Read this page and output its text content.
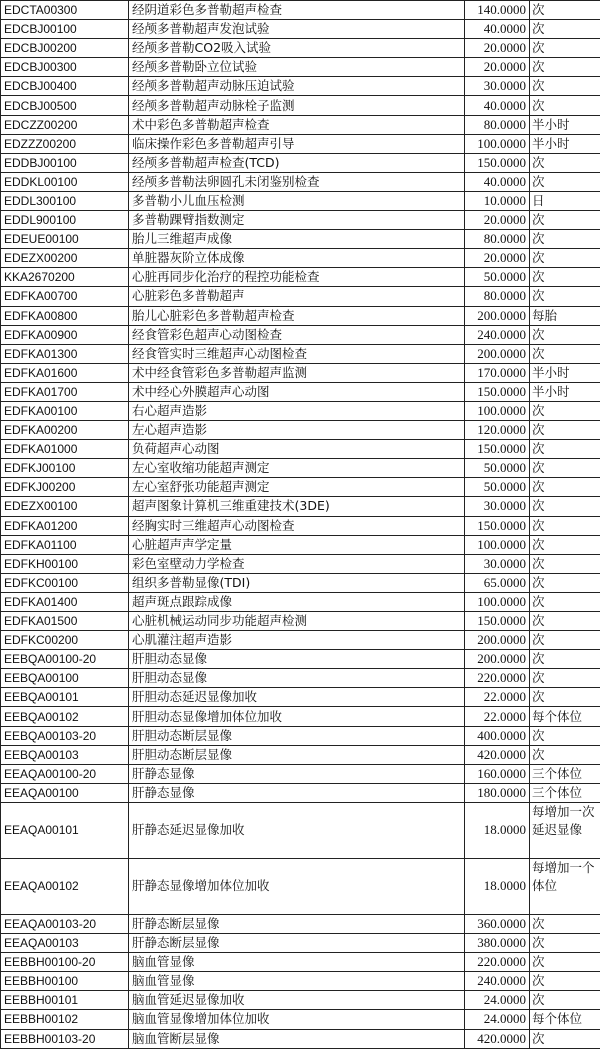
EDCTA00300	经阴道彩色多普勒超声检查	140.0000	次
EDCBJ00100	经颅多普勒超声发泡试验	40.0000	次
EDCBJ00200	经颅多普勒CO2吸入试验	20.0000	次
EDCBJ00300	经颅多普勒卧立位试验	20.0000	次
EDCBJ00400	经颅多普勒超声动脉压迫试验	30.0000	次
EDCBJ00500	经颅多普勒超声动脉栓子监测	40.0000	次
EDCZZ00200	术中彩色多普勒超声检查	80.0000	半小时
EDZZZ00200	临床操作彩色多普勒超声引导	100.0000	半小时
EDDBJ00100	经颅多普勒超声检查(TCD)	150.0000	次
EDDKL00100	经颅多普勒法卵圆孔未闭鉴别检查	40.0000	次
EDDL300100	多普勒小儿血压检测	10.0000	日
EDDL900100	多普勒踝臂指数测定	20.0000	次
EDEUE00100	胎儿三维超声成像	80.0000	次
EDEZX00200	单脏器灰阶立体成像	20.0000	次
KKA2670200	心脏再同步化治疗的程控功能检查	50.0000	次
EDFKA00700	心脏彩色多普勒超声	80.0000	次
EDFKA00800	胎儿心脏彩色多普勒超声检查	200.0000	每胎
EDFKA00900	经食管彩色超声心动图检查	240.0000	次
EDFKA01300	经食管实时三维超声心动图检查	200.0000	次
EDFKA01600	术中经食管彩色多普勒超声监测	170.0000	半小时
EDFKA01700	术中经心外膜超声心动图	150.0000	半小时
EDFKA00100	右心超声造影	100.0000	次
EDFKA00200	左心超声造影	120.0000	次
EDFKA01000	负荷超声心动图	150.0000	次
EDFKJ00100	左心室收缩功能超声测定	50.0000	次
EDFKJ00200	左心室舒张功能超声测定	50.0000	次
EDEZX00100	超声图象计算机三维重建技术(3DE)	30.0000	次
EDFKA01200	经胸实时三维超声心动图检查	150.0000	次
EDFKA01100	心脏超声声学定量	100.0000	次
EDFKH00100	彩色室壁动力学检查	30.0000	次
EDFKC00100	组织多普勒显像(TDI)	65.0000	次
EDFKA01400	超声斑点跟踪成像	100.0000	次
EDFKA01500	心脏机械运动同步功能超声检测	150.0000	次
EDFKC00200	心肌灌注超声造影	200.0000	次
EEBQA00100-20	肝胆动态显像	200.0000	次
EEBQA00100	肝胆动态显像	220.0000	次
EEBQA00101	肝胆动态延迟显像加收	22.0000	次
EEBQA00102	肝胆动态显像增加体位加收	22.0000	每个体位
EEBQA00103-20	肝胆动态断层显像	400.0000	次
EEBQA00103	肝胆动态断层显像	420.0000	次
EEAQA00100-20	肝静态显像	160.0000	三个体位
EEAQA00100	肝静态显像	180.0000	三个体位
EEAQA00101	肝静态延迟显像加收	18.0000	每增加一次延迟显像
EEAQA00102	肝静态显像增加体位加收	18.0000	每增加一个体位
EEAQA00103-20	肝静态断层显像	360.0000	次
EEAQA00103	肝静态断层显像	380.0000	次
EEBBH00100-20	脑血管显像	220.0000	次
EEBBH00100	脑血管显像	240.0000	次
EEBBH00101	脑血管延迟显像加收	24.0000	次
EEBBH00102	脑血管显像增加体位加收	24.0000	每个体位
EEBBH00103-20	脑血管断层显像	420.0000	次
